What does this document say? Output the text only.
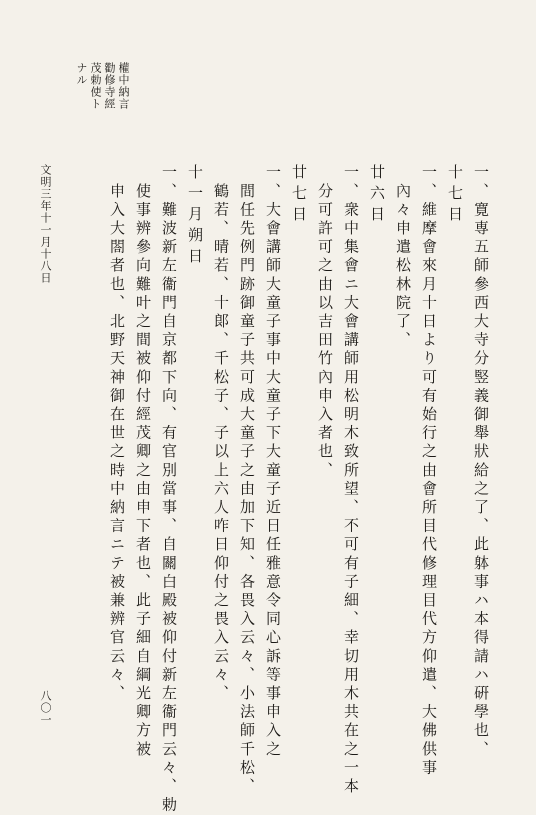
權中納言
勸修寺經
茂勅使ト
ナル
一、寛専五師參西大寺分竪義御舉狀給之了、此躰事ハ本得請ハ硏學也、
十七日
一、維摩會來月十日より可有始行之由會所目代修理目代方仰遣、大佛供事
　內々申遣松林院了、
廿六日
一、衆中集會ニ大會講師用松明木致所望、不可有子細、幸切用木共在之一本
　分可許可之由以吉田竹內申入者也、
廿七日
一、大會講師大童子事中大童子下大童子近日任雅意令同心訴等事申入之
　間任先例門跡御童子共可成大童子之由加下知、各畏入云々、小法師千松、
　鶴若、晴若、十郞、千松子、子以上六人咋日仰付之畏入云々、
十一月朔日
一、難波新左衞門自京都下向、有官別當事、自關白殿被仰付新左衞門云々、勅
　使事辨參向難叶之間被仰付經茂卿之由申下者也、此子細自綱光卿方被
　申入大閤者也、北野天神御在世之時中納言ニテ被兼辨官云々、
文明三年十一月十八日
八〇一
